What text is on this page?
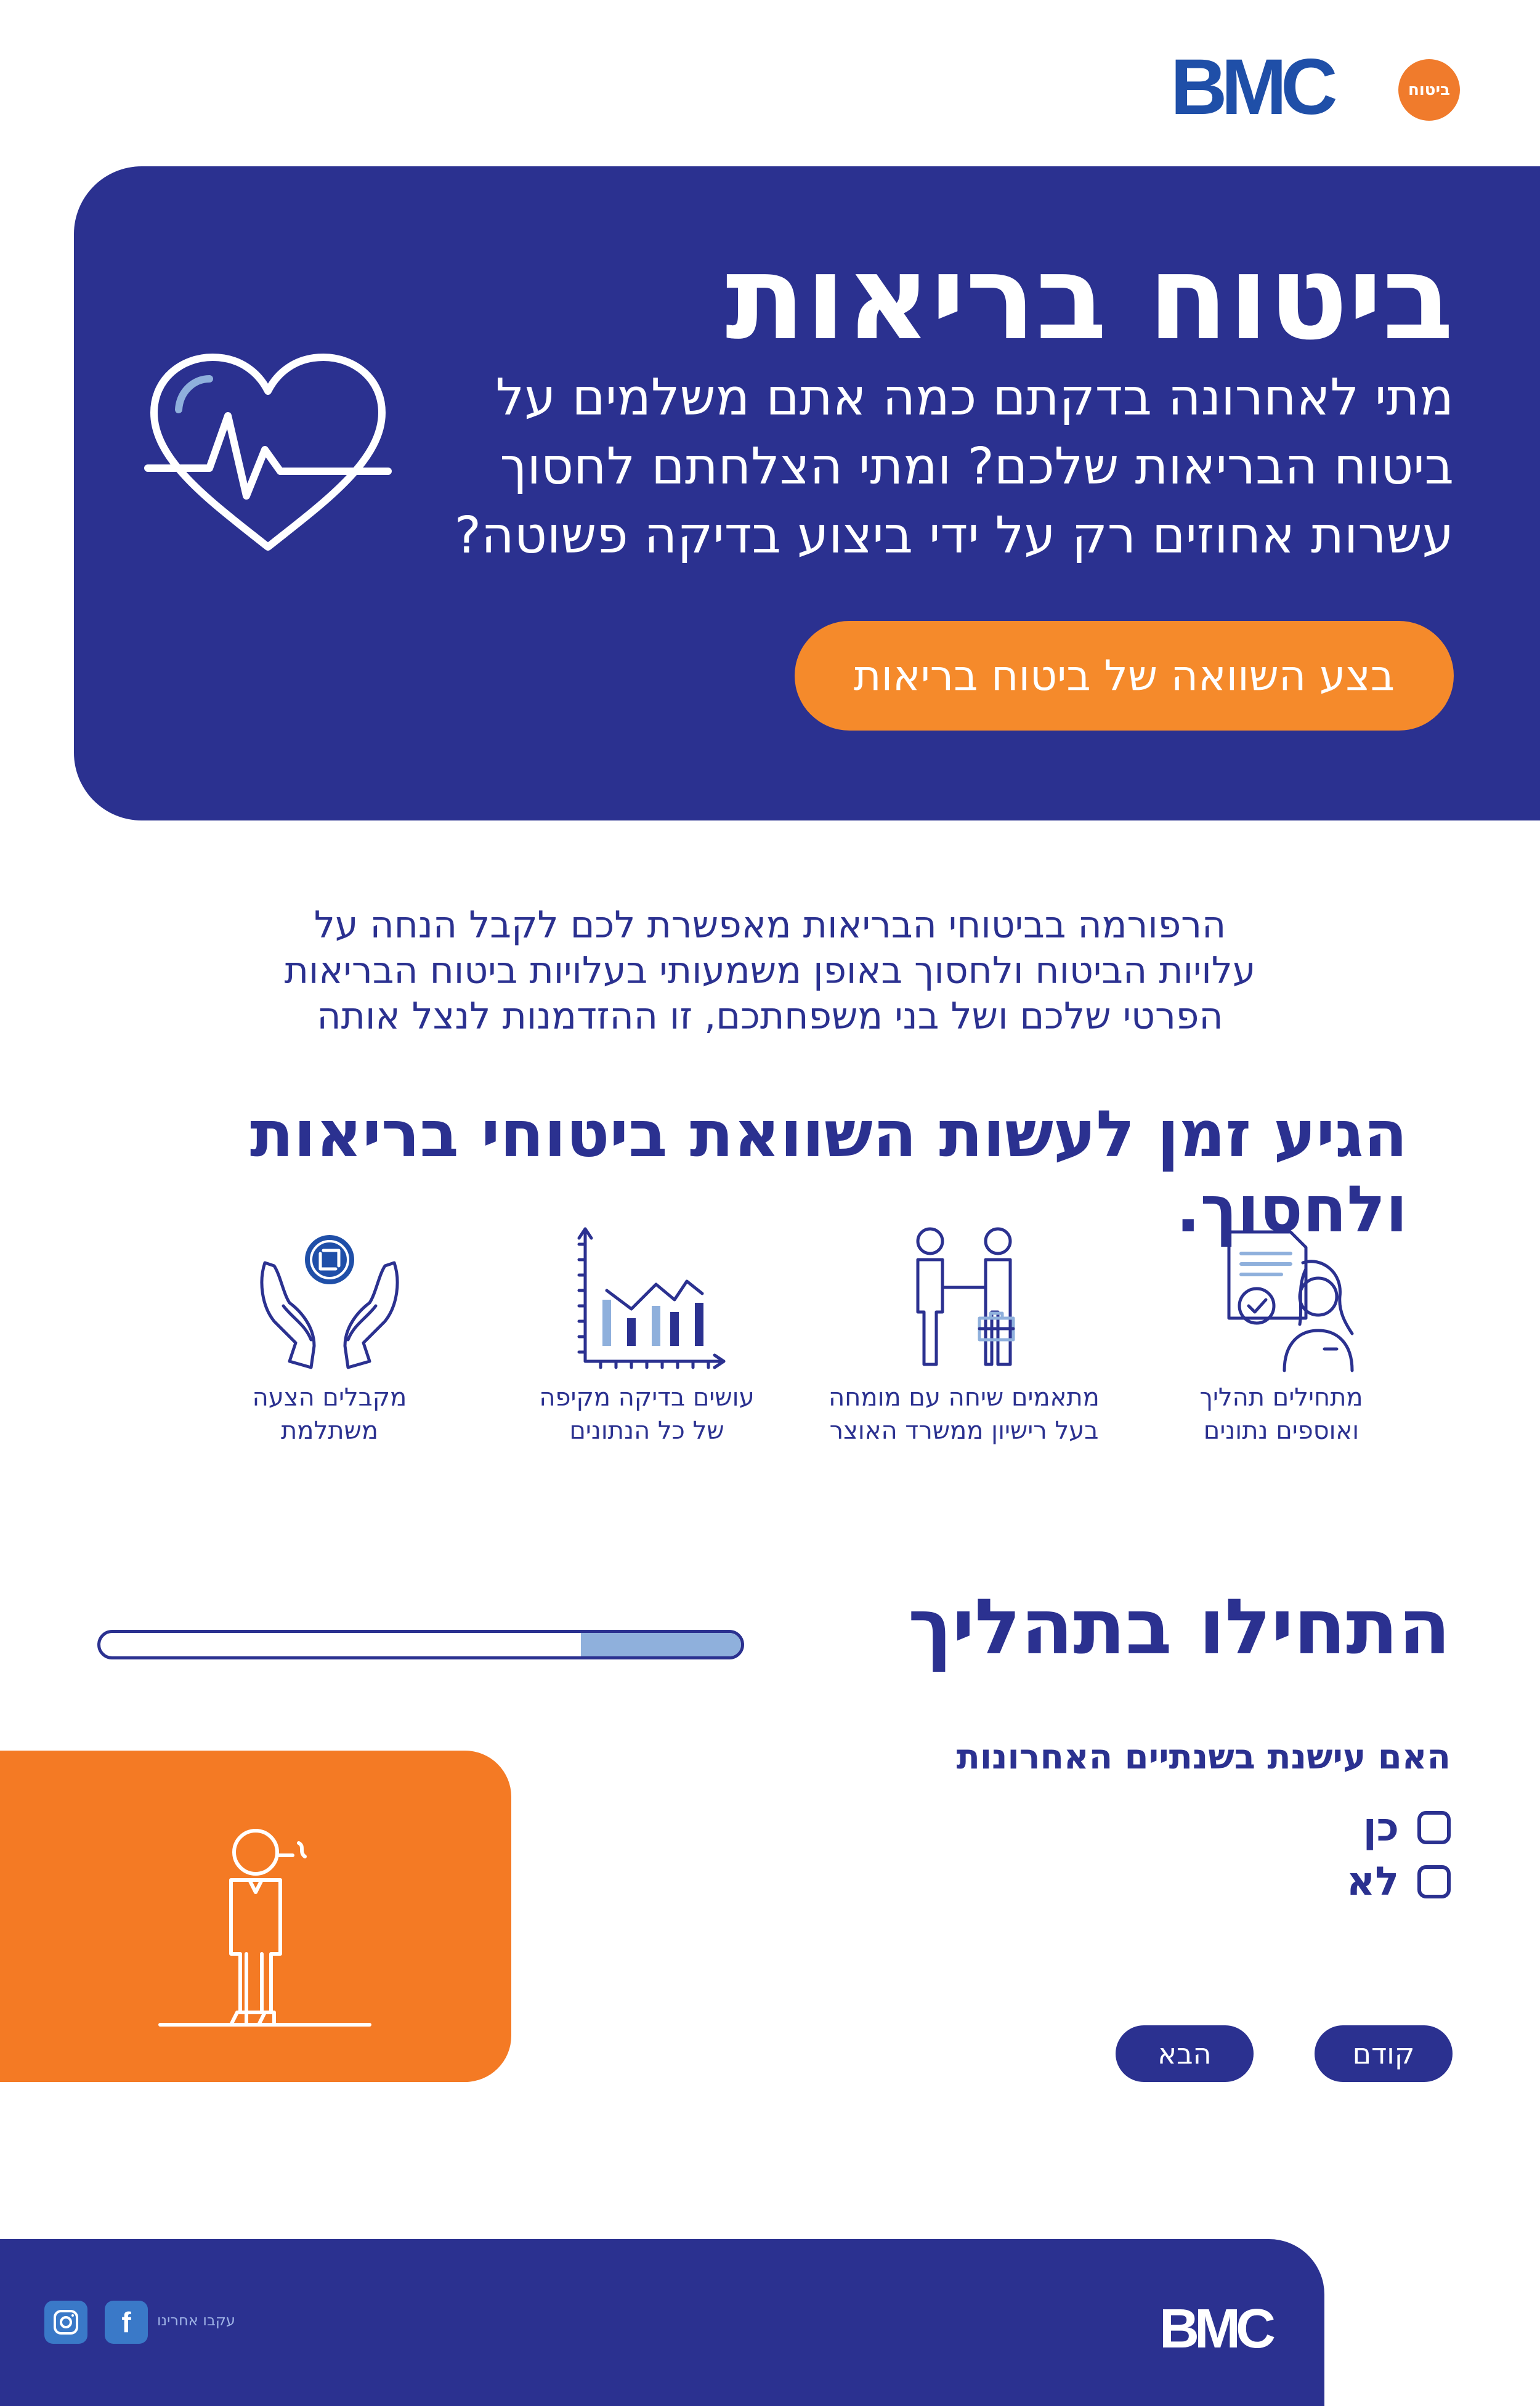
BMC	ביטוח
ביטוח בריאות

מתי לאחרונה בדקתם כמה אתם משלמים על ביטוח הבריאות שלכם? ומתי הצלחתם לחסוך עשרות אחוזים רק על ידי ביצוע בדיקה פשוטה?

בצע השוואה של ביטוח בריאות
הרפורמה בביטוחי הבריאות מאפשרת לכם לקבל הנחה על
עלויות הביטוח ולחסוך באופן משמעותי בעלויות ביטוח הבריאות
הפרטי שלכם ושל בני משפחתכם, זו ההזדמנות לנצל אותה
הגיע זמן לעשות השוואת ביטוחי בריאות ולחסוך.
מתחילים תהליך
ואוספים נתונים
מתאמים שיחה עם מומחה
בעל רישיון ממשרד האוצר
עושים בדיקה מקיפה
של כל הנתונים
מקבלים הצעה
משתלמת
התחילו בתהליך
האם עישנת בשנתיים האחרונות
כן
לא
קודם
הבא
BMC
עקבו אחרינו
f
